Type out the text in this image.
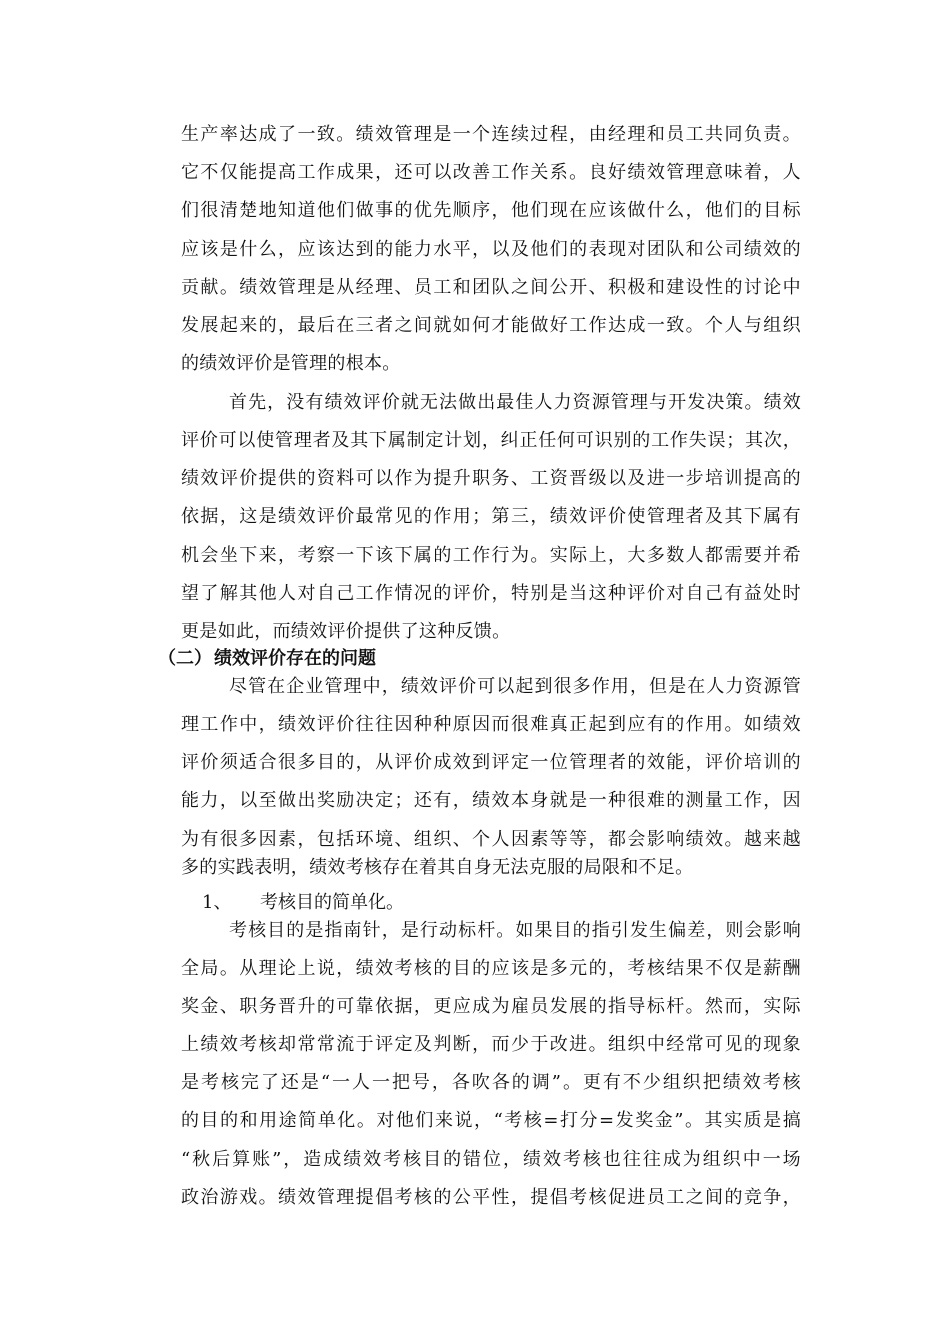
生产率达成了一致。绩效管理是一个连续过程，由经理和员工共同负责。
它不仅能提高工作成果，还可以改善工作关系。良好绩效管理意味着，人
们很清楚地知道他们做事的优先顺序，他们现在应该做什么，他们的目标
应该是什么，应该达到的能力水平，以及他们的表现对团队和公司绩效的
贡献。绩效管理是从经理、员工和团队之间公开、积极和建设性的讨论中
发展起来的，最后在三者之间就如何才能做好工作达成一致。个人与组织
的绩效评价是管理的根本。
首先，没有绩效评价就无法做出最佳人力资源管理与开发决策。绩效
评价可以使管理者及其下属制定计划，纠正任何可识别的工作失误；其次，
绩效评价提供的资料可以作为提升职务、工资晋级以及进一步培训提高的
依据，这是绩效评价最常见的作用；第三，绩效评价使管理者及其下属有
机会坐下来，考察一下该下属的工作行为。实际上，大多数人都需要并希
望了解其他人对自己工作情况的评价，特别是当这种评价对自己有益处时
更是如此，而绩效评价提供了这种反馈。
（二） 绩效评价存在的问题
尽管在企业管理中，绩效评价可以起到很多作用，但是在人力资源管
理工作中，绩效评价往往因种种原因而很难真正起到应有的作用。如绩效
评价须适合很多目的，从评价成效到评定一位管理者的效能，评价培训的
能力，以至做出奖励决定；还有，绩效本身就是一种很难的测量工作，因
为有很多因素，包括环境、组织、个人因素等等，都会影响绩效。越来越
多的实践表明，绩效考核存在着其自身无法克服的局限和不足。
1、 考核目的简单化。
考核目的是指南针，是行动标杆。如果目的指引发生偏差，则会影响
全局。从理论上说，绩效考核的目的应该是多元的，考核结果不仅是薪酬
奖金、职务晋升的可靠依据，更应成为雇员发展的指导标杆。然而，实际
上绩效考核却常常流于评定及判断，而少于改进。组织中经常可见的现象
是考核完了还是“一人一把号，各吹各的调”。更有不少组织把绩效考核
的目的和用途简单化。对他们来说，“考核=打分=发奖金”。其实质是搞
“秋后算账”，造成绩效考核目的错位，绩效考核也往往成为组织中一场
政治游戏。绩效管理提倡考核的公平性，提倡考核促进员工之间的竞争，
